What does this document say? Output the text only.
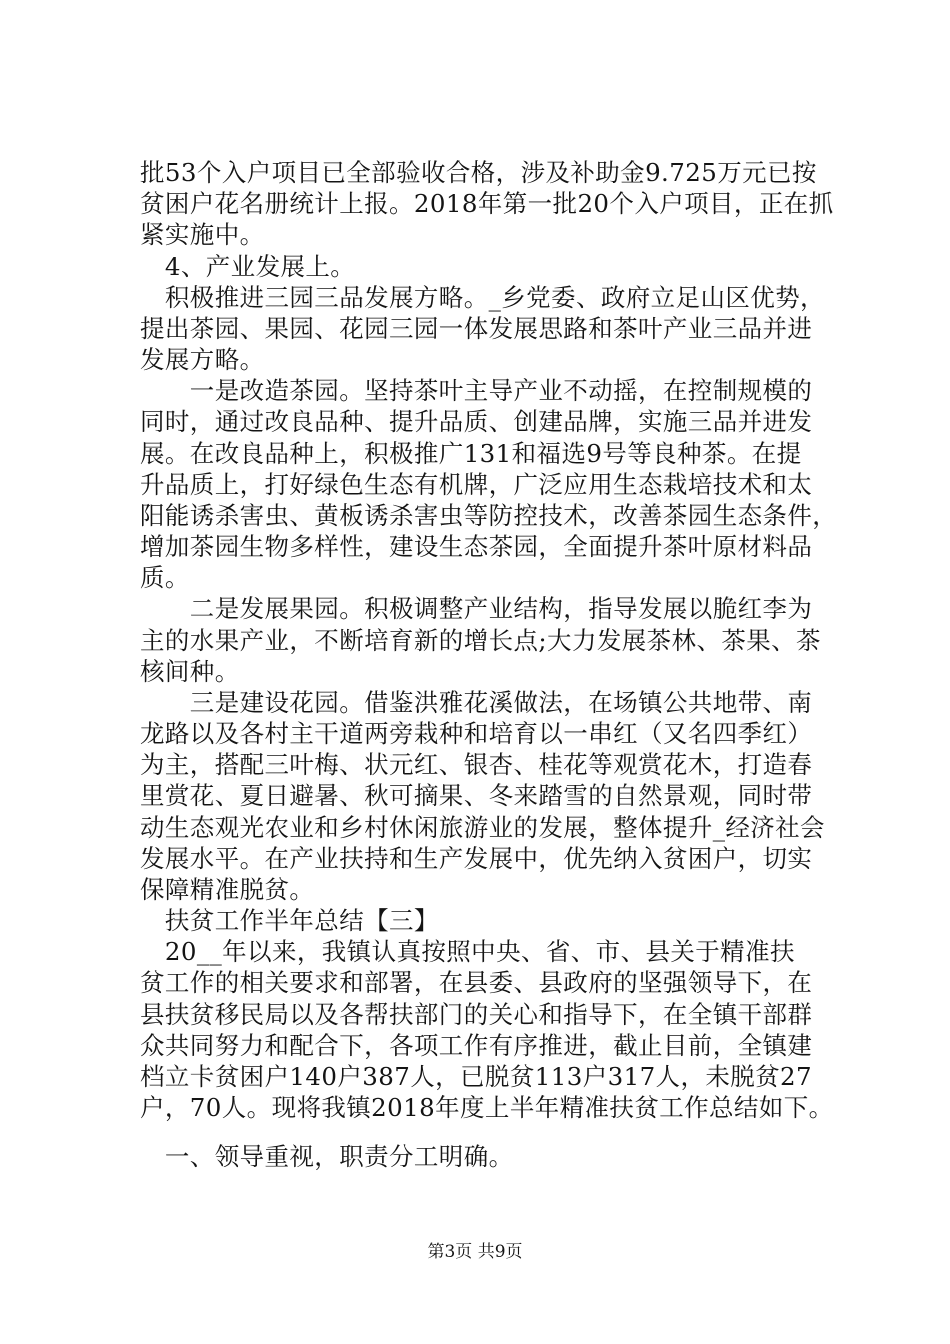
批53个入户项目已全部验收合格，涉及补助金9.725万元已按
贫困户花名册统计上报。2018年第一批20个入户项目，正在抓
紧实施中。
　4、产业发展上。
　积极推进三园三品发展方略。_乡党委、政府立足山区优势，
提出茶园、果园、花园三园一体发展思路和茶叶产业三品并进
发展方略。
　　一是改造茶园。坚持茶叶主导产业不动摇，在控制规模的
同时，通过改良品种、提升品质、创建品牌，实施三品并进发
展。在改良品种上，积极推广131和福选9号等良种茶。在提
升品质上，打好绿色生态有机牌，广泛应用生态栽培技术和太
阳能诱杀害虫、黄板诱杀害虫等防控技术，改善茶园生态条件，
增加茶园生物多样性，建设生态茶园，全面提升茶叶原材料品
质。
　　二是发展果园。积极调整产业结构，指导发展以脆红李为
主的水果产业，不断培育新的增长点;大力发展茶林、茶果、茶
核间种。
　　三是建设花园。借鉴洪雅花溪做法，在场镇公共地带、南
龙路以及各村主干道两旁栽种和培育以一串红（又名四季红）
为主，搭配三叶梅、状元红、银杏、桂花等观赏花木，打造春
里赏花、夏日避暑、秋可摘果、冬来踏雪的自然景观，同时带
动生态观光农业和乡村休闲旅游业的发展，整体提升_经济社会
发展水平。在产业扶持和生产发展中，优先纳入贫困户，切实
保障精准脱贫。
　扶贫工作半年总结【三】
　20__年以来，我镇认真按照中央、省、市、县关于精准扶
贫工作的相关要求和部署，在县委、县政府的坚强领导下，在
县扶贫移民局以及各帮扶部门的关心和指导下，在全镇干部群
众共同努力和配合下，各项工作有序推进，截止目前，全镇建
档立卡贫困户140户387人，已脱贫113户317人，未脱贫27
户，70人。现将我镇2018年度上半年精准扶贫工作总结如下。
　一、领导重视，职责分工明确。
第3页 共9页
